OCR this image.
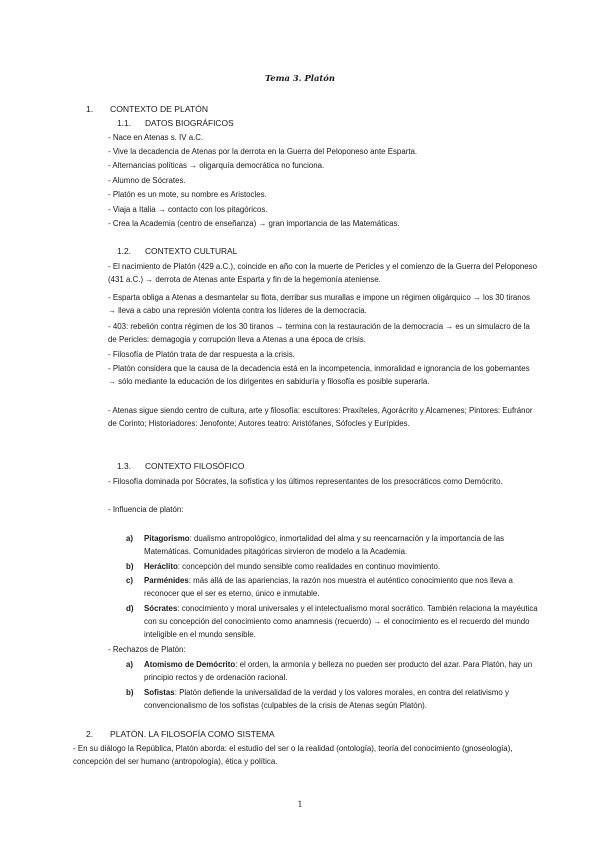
Tema 3. Platón
1. CONTEXTO DE PLATÓN
1.1. DATOS BIOGRÁFICOS
- Nace en Atenas s. IV a.C.
- Vive la decadencia de Atenas por la derrota en la Guerra del Peloponeso ante Esparta.
- Alternancias políticas → oligarquía democrática no funciona.
- Alumno de Sócrates.
- Platón es un mote, su nombre es Aristocles.
- Viaja a Italia → contacto con los pitagóricos.
- Crea la Academia (centro de enseñanza) → gran importancia de las Matemáticas.
1.2. CONTEXTO CULTURAL
- El nacimiento de Platón (429 a.C.), coincide en año con la muerte de Pericles y el comienzo de la Guerra del Peloponeso (431 a.C.) → derrota de Atenas ante Esparta y fin de la hegemonía ateniense.
- Esparta obliga a Atenas a desmantelar su flota, derribar sus murallas e impone un régimen oligárquico → los 30 tiranos → lleva a cabo una represión violenta contra los líderes de la democracia.
- 403: rebelión contra régimen de los 30 tiranos → termina con la restauración de la democracia → es un simulacro de la de Pericles: demagogia y corrupción lleva a Atenas a una época de crisis.
- Filosofía de Platón trata de dar respuesta a la crisis.
- Platón considera que la causa de la decadencia está en la incompetencia, inmoralidad e ignorancia de los gobernantes → sólo mediante la educación de los dirigentes en sabiduría y filosofía es posible superarla.
- Atenas sigue siendo centro de cultura, arte y filosofía: escultores: Praxíteles, Agorácrito y Alcamenes; Pintores: Eufránor de Corinto; Historiadores: Jenofonte; Autores teatro: Aristófanes, Sófocles y Eurípides.
1.3. CONTEXTO FILOSÓFICO
- Filosofía dominada por Sócrates, la sofística y los últimos representantes de los presocráticos como Demócrito.
- Influencia de platón:
a) Pitagorismo: dualismo antropológico, inmortalidad del alma y su reencarnación y la importancia de las Matemáticas. Comunidades pitagóricas sirvieron de modelo a la Academia.
b) Heráclito: concepción del mundo sensible como realidades en continuo movimiento.
c) Parménides: más allá de las apariencias, la razón nos muestra el auténtico conocimiento que nos lleva a reconocer que el ser es eterno, único e inmutable.
d) Sócrates: conocimiento y moral universales y el intelectualismo moral socrático. También relaciona la mayéutica con su concepción del conocimiento como anamnesis (recuerdo) → el conocimiento es el recuerdo del mundo inteligible en el mundo sensible.
- Rechazos de Platón:
a) Atomismo de Demócrito: el orden, la armonía y belleza no pueden ser producto del azar. Para Platón, hay un principio rectos y de ordenación racional.
b) Sofistas: Platón defiende la universalidad de la verdad y los valores morales, en contra del relativismo y convencionalismo de los sofistas (culpables de la crisis de Atenas según Platón).
2. PLATÓN. LA FILOSOFÍA COMO SISTEMA
- En su diálogo la República, Platón aborda: el estudio del ser o la realidad (ontología), teoría del conocimiento (gnoseología), concepción del ser humano (antropología), ética y política.
1
